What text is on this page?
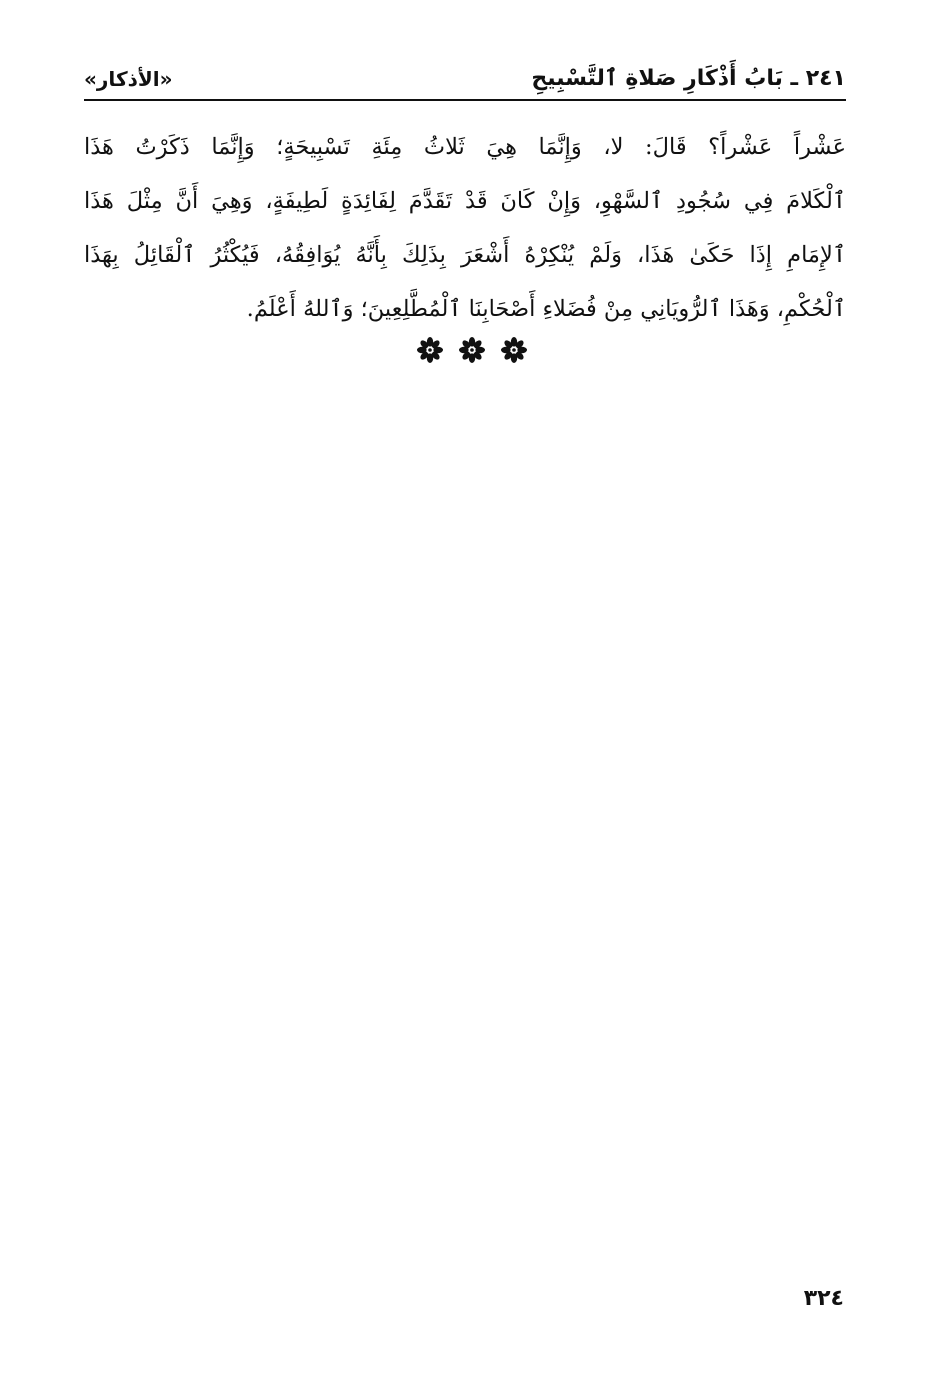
٢٤١ ـ بَابُ أَذْكَارِ صَلاةِ ٱلتَّسْبِيحِ
«الأذكار»
عَشْراً عَشْراً؟ قَالَ: لا، وَإِنَّمَا هِيَ ثَلاثُ مِئَةِ تَسْبِيحَةٍ؛ وَإِنَّمَا ذَكَرْتُ هَذَا
ٱلْكَلامَ فِي سُجُودِ ٱلسَّهْوِ، وَإِنْ كَانَ قَدْ تَقَدَّمَ لِفَائِدَةٍ لَطِيفَةٍ، وَهِيَ أَنَّ مِثْلَ هَذَا
ٱلإِمَامِ إِذَا حَكَىٰ هَذَا، وَلَمْ يُنْكِرْهُ أَشْعَرَ بِذَلِكَ بِأَنَّهُ يُوَافِقُهُ، فَيُكْثُرُ ٱلْقَائِلُ بِهَذَا
ٱلْحُكْمِ، وَهَذَا ٱلرُّويَانِي مِنْ فُضَلاءِ أَصْحَابِنَا ٱلْمُطَّلِعِينَ؛ وَٱللهُ أَعْلَمُ.
٣٢٤
